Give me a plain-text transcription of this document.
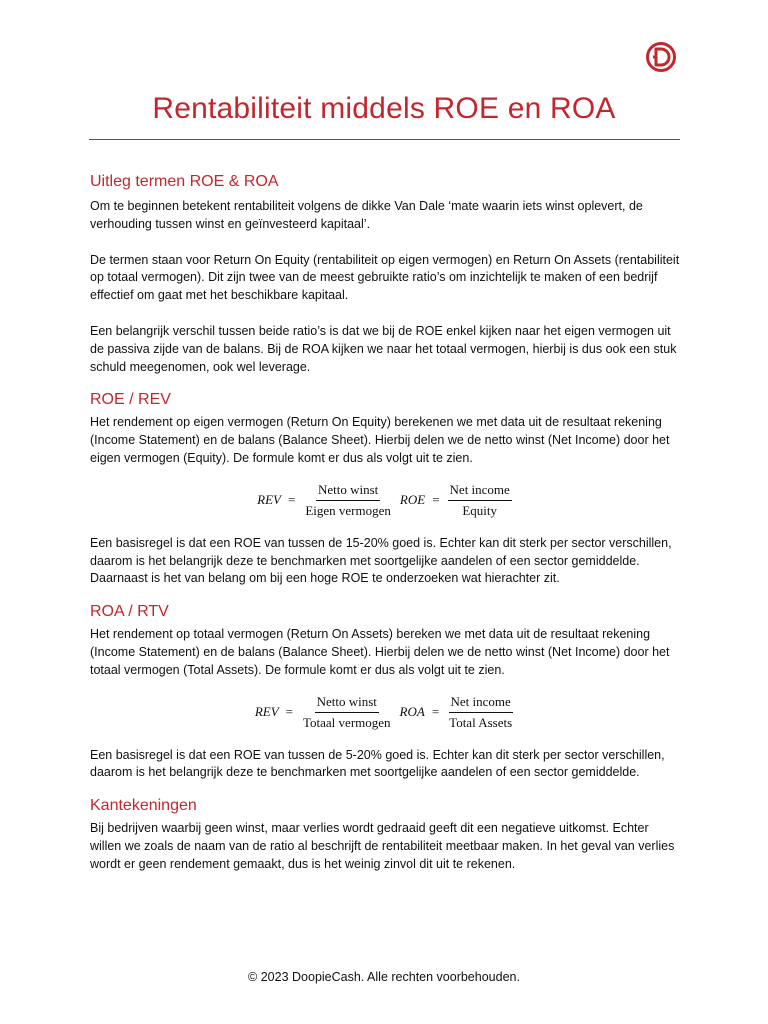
Rentabiliteit middels ROE en ROA
Uitleg termen ROE & ROA

Om te beginnen betekent rentabiliteit volgens de dikke Van Dale ‘mate waarin iets winst oplevert, de verhouding tussen winst en geïnvesteerd kapitaal’.

De termen staan voor Return On Equity (rentabiliteit op eigen vermogen) en Return On Assets (rentabiliteit op totaal vermogen). Dit zijn twee van de meest gebruikte ratio’s om inzichtelijk te maken of een bedrijf effectief om gaat met het beschikbare kapitaal.

Een belangrijk verschil tussen beide ratio’s is dat we bij de ROE enkel kijken naar het eigen vermogen uit de passiva zijde van de balans. Bij de ROA kijken we naar het totaal vermogen, hierbij is dus ook een stuk schuld meegenomen, ook wel leverage.

ROE / REV

Het rendement op eigen vermogen (Return On Equity) berekenen we met data uit de resultaat rekening (Income Statement) en de balans (Balance Sheet). Hierbij delen we de netto winst (Net Income) door het eigen vermogen (Equity). De formule komt er dus als volgt uit te zien.

REV = $\frac{\text{Netto winst}}{\text{Eigen vermogen}}$ ROE = $\frac{\text{Net income}}{\text{Equity}}$

Een basisregel is dat een ROE van tussen de 15-20% goed is. Echter kan dit sterk per sector verschillen, daarom is het belangrijk deze te benchmarken met soortgelijke aandelen of een sector gemiddelde. Daarnaast is het van belang om bij een hoge ROE te onderzoeken wat hierachter zit.

ROA / RTV

Het rendement op totaal vermogen (Return On Assets) bereken we met data uit de resultaat rekening (Income Statement) en de balans (Balance Sheet). Hierbij delen we de netto winst (Net Income) door het totaal vermogen (Total Assets). De formule komt er dus als volgt uit te zien.

REV = $\frac{\text{Netto winst}}{\text{Totaal vermogen}}$ ROA = $\frac{\text{Net income}}{\text{Total Assets}}$

Een basisregel is dat een ROE van tussen de 5-20% goed is. Echter kan dit sterk per sector verschillen, daarom is het belangrijk deze te benchmarken met soortgelijke aandelen of een sector gemiddelde.

Kantekeningen

Bij bedrijven waarbij geen winst, maar verlies wordt gedraaid geeft dit een negatieve uitkomst. Echter willen we zoals de naam van de ratio al beschrijft de rentabiliteit meetbaar maken. In het geval van verlies wordt er geen rendement gemaakt, dus is het weinig zinvol dit uit te rekenen.

© 2023 DoopieCash. Alle rechten voorbehouden.
